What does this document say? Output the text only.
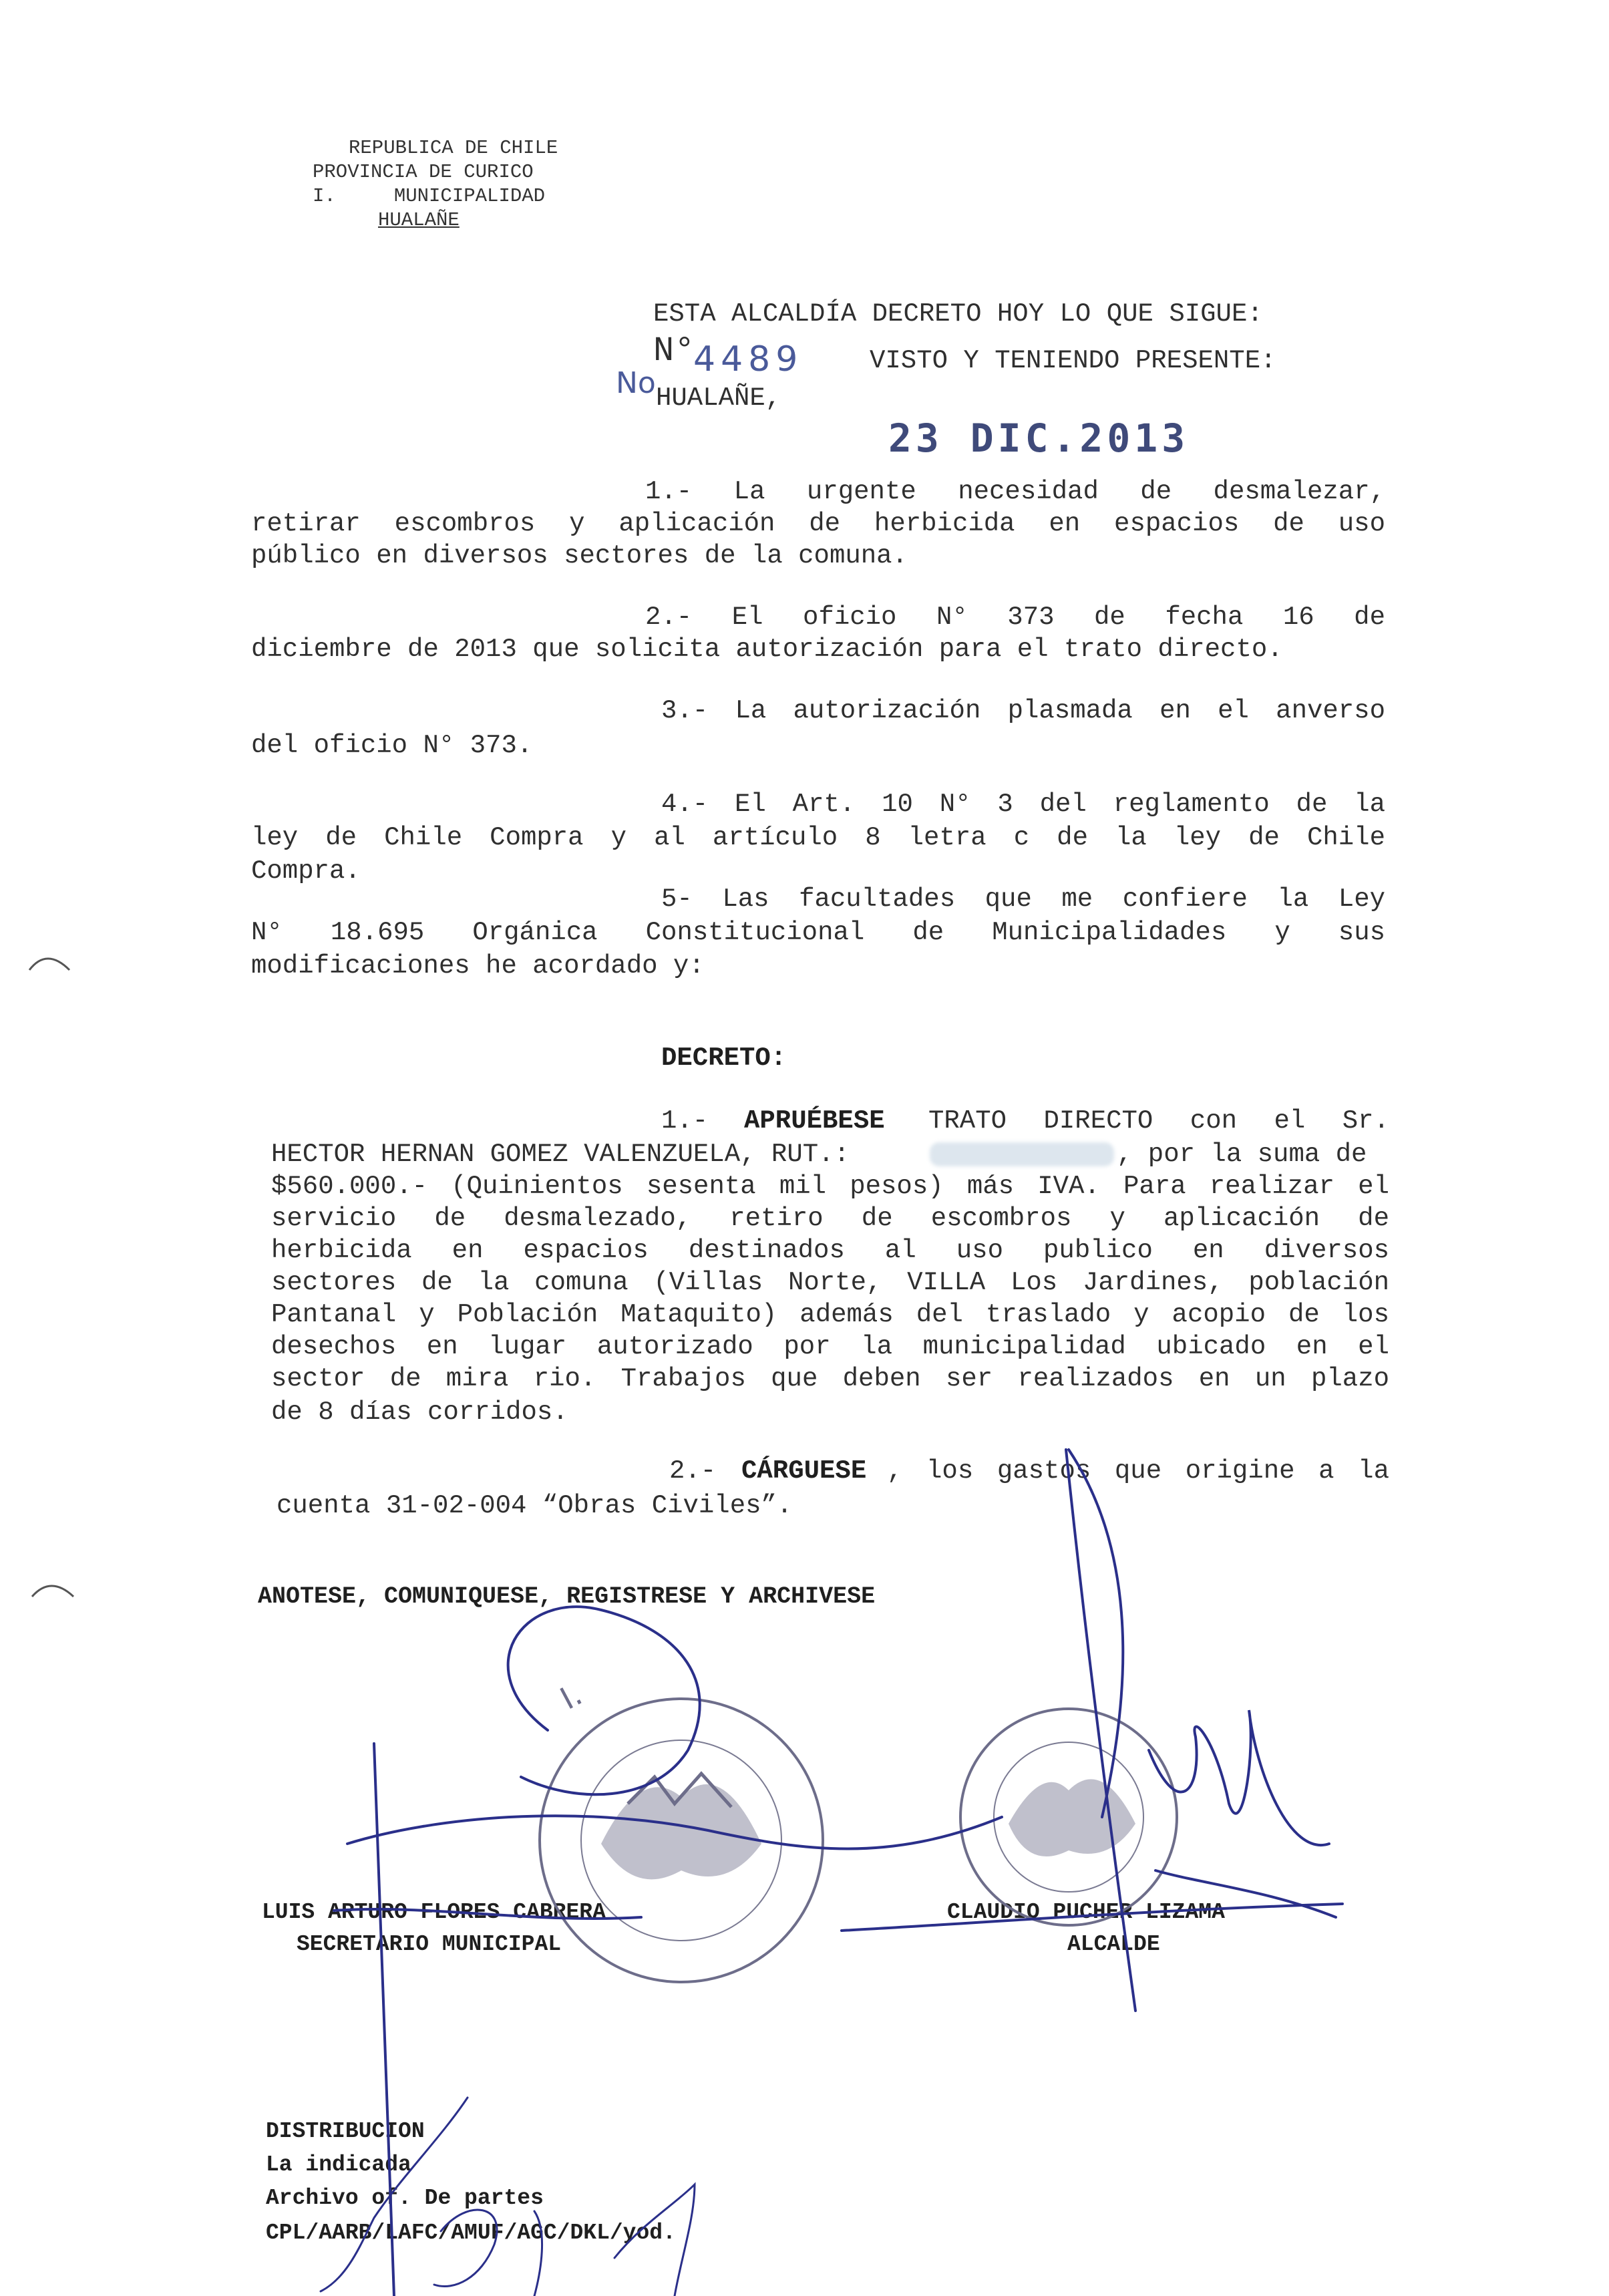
REPUBLICA DE CHILE
PROVINCIA DE CURICO
I.     MUNICIPALIDAD
HUALAÑE
ESTA ALCALDÍA DECRETO HOY LO QUE SIGUE:
N°
4489
No
VISTO Y TENIENDO PRESENTE:
HUALAÑE,
23 DIC.2013
1.- La urgente necesidad de desmalezar,
retirar escombros y aplicación de herbicida en espacios de uso
público en diversos sectores de la comuna.
2.- El oficio N° 373 de fecha 16 de
diciembre de 2013 que solicita autorización para el trato directo.
3.- La autorización plasmada en el anverso
del oficio N° 373.
4.- El Art. 10 N° 3 del reglamento de la
ley de Chile Compra y al artículo 8 letra c de la ley de Chile
Compra.
5- Las facultades que me confiere la Ley
N° 18.695 Orgánica Constitucional de Municipalidades y sus
modificaciones he acordado y:
DECRETO:
1.- APRUÉBESE TRATO DIRECTO con el Sr.
HECTOR HERNAN GOMEZ VALENZUELA, RUT.:	, por la suma de
$560.000.- (Quinientos sesenta mil pesos) más IVA. Para realizar el
servicio de desmalezado, retiro de escombros y aplicación de
herbicida en espacios destinados al uso publico en diversos
sectores de la comuna (Villas Norte, VILLA Los Jardines, población
Pantanal y Población Mataquito) además del traslado y acopio de los
desechos en lugar autorizado por la municipalidad ubicado en el
sector de mira rio. Trabajos que deben ser realizados en un plazo
de 8 días corridos.
2.- CÁRGUESE , los gastos que origine a la
cuenta 31-02-004 “Obras Civiles”.
ANOTESE, COMUNIQUESE, REGISTRESE Y ARCHIVESE
LUIS ARTURO FLORES CABRERA
SECRETARIO MUNICIPAL
CLAUDIO PUCHER LIZAMA
ALCALDE
DISTRIBUCION
La indicada
Archivo of. De partes
CPL/AARB/LAFC/AMUF/AGC/DKL/yod.
I.
